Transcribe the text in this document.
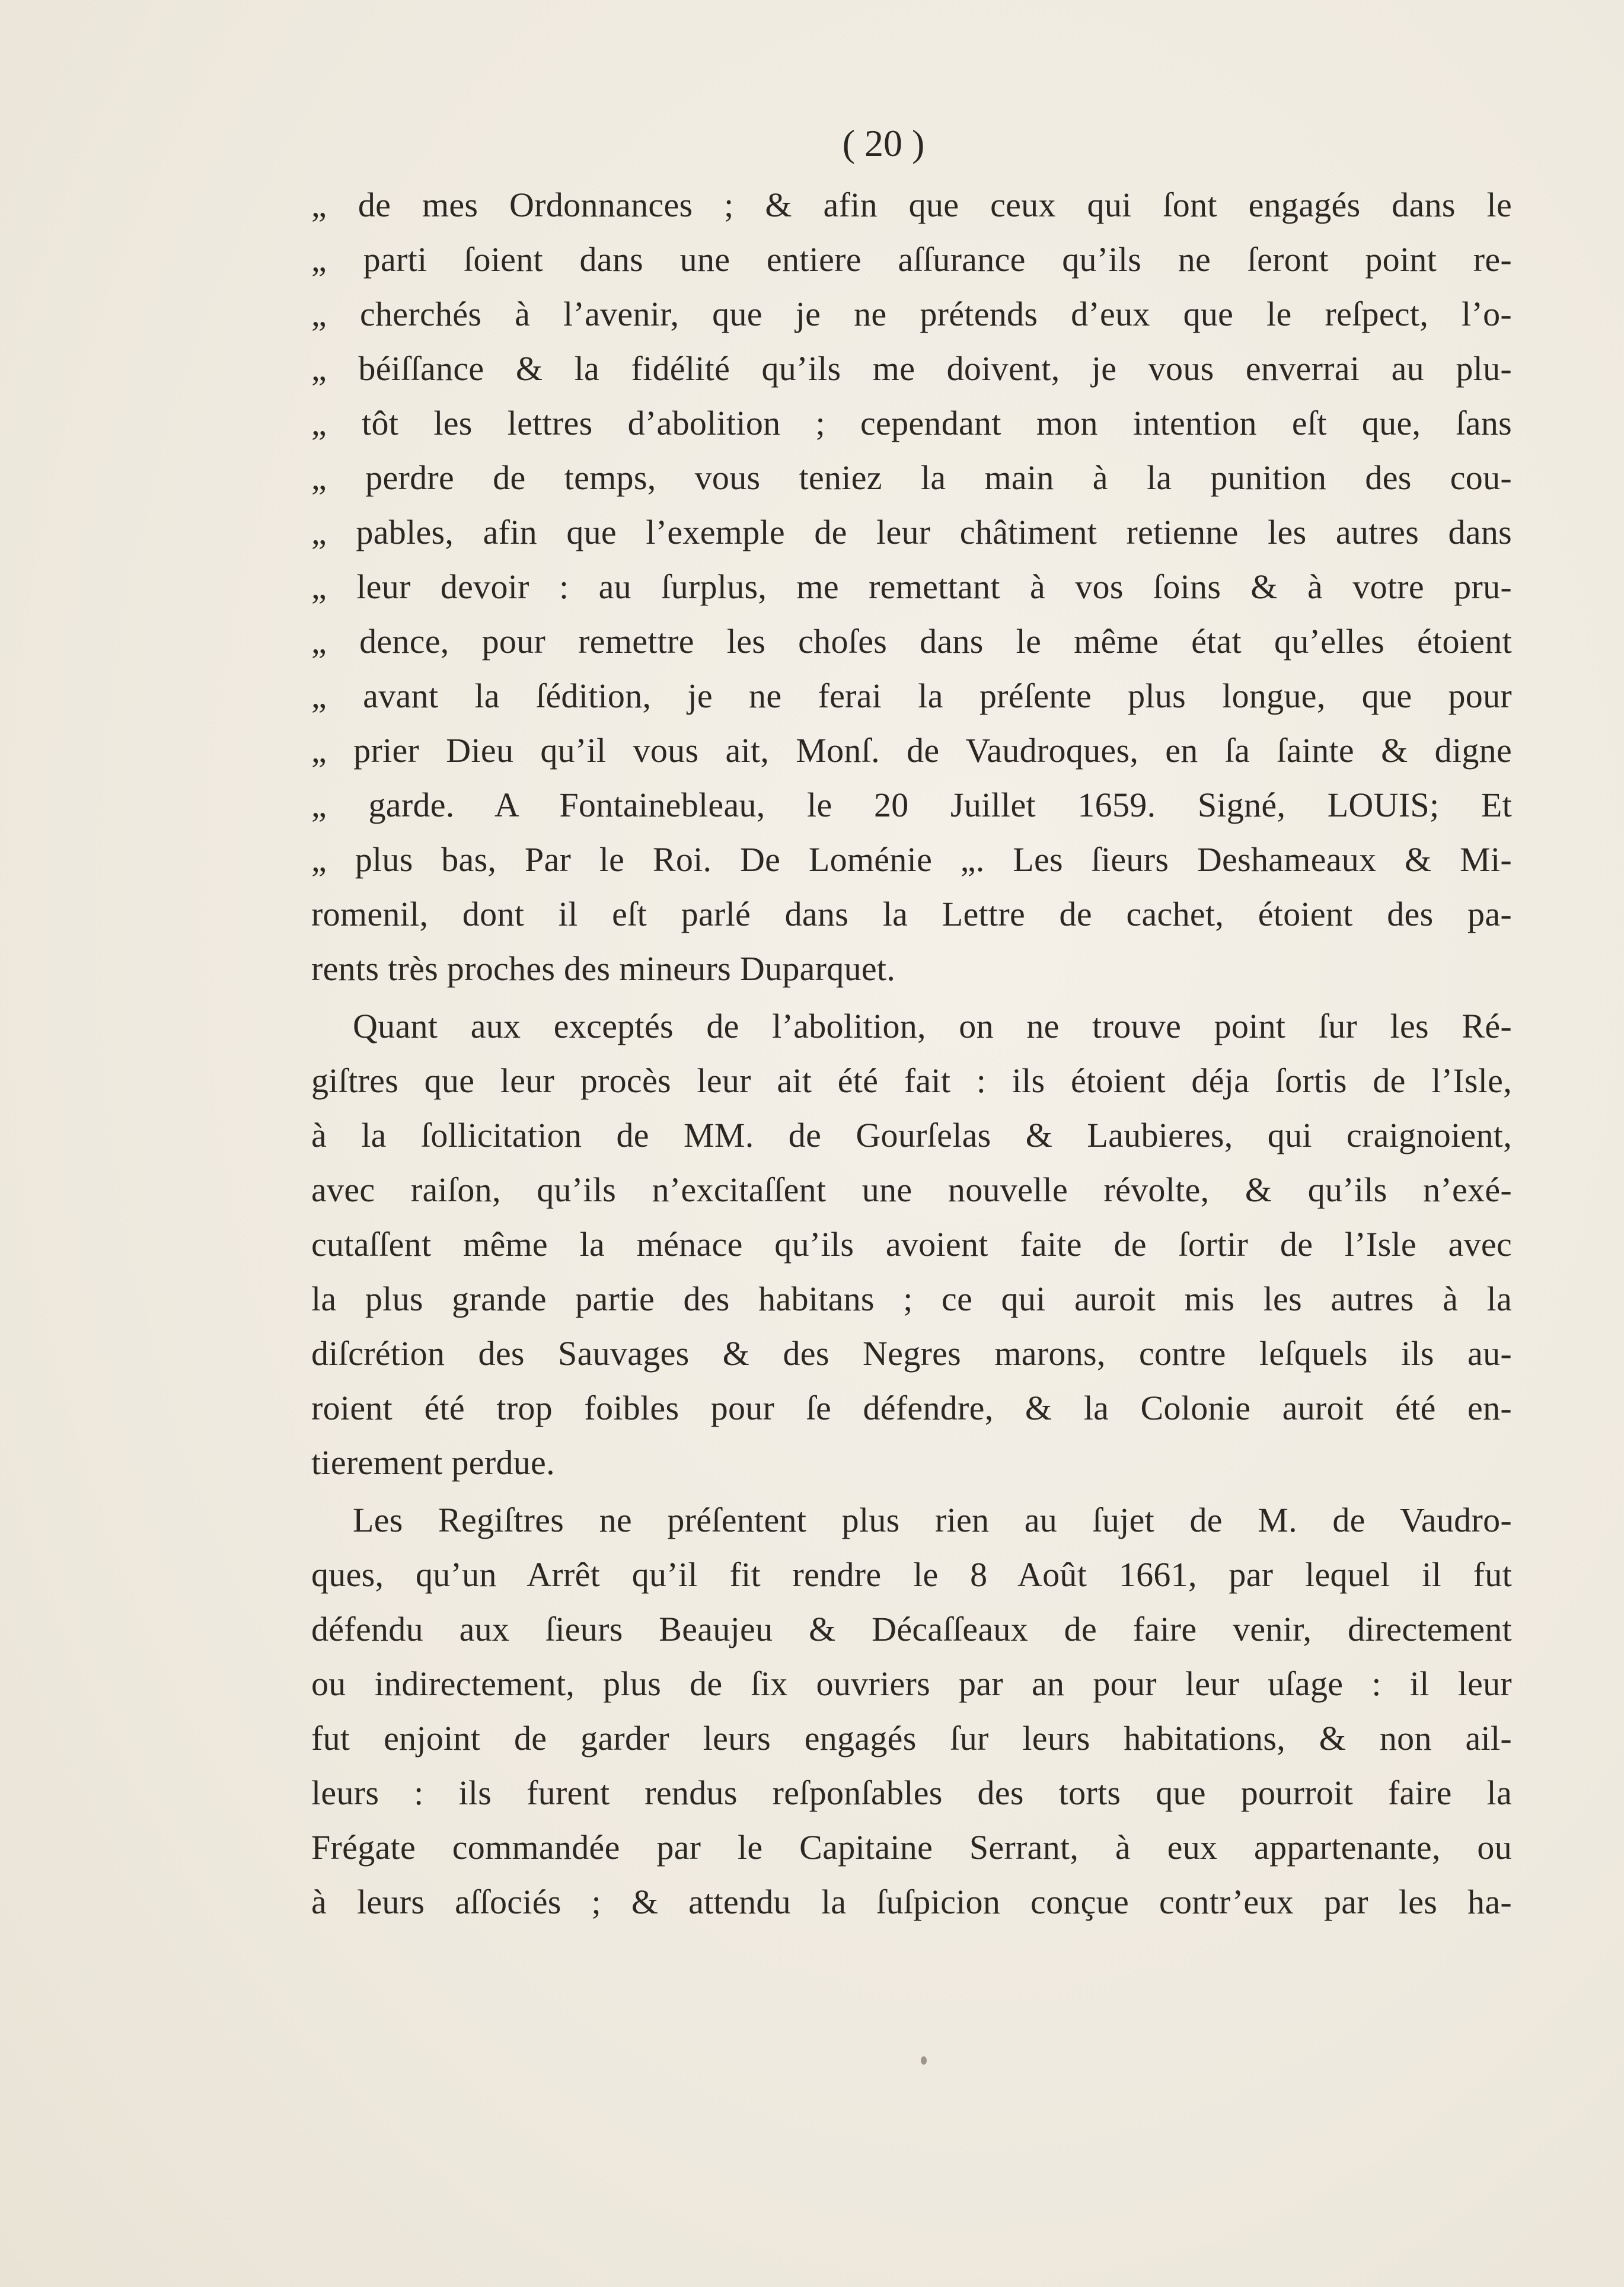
( 20 )
„ de mes Ordonnances ; & afin que ceux qui ſont engagés dans le
„ parti ſoient dans une entiere aſſurance qu’ils ne ſeront point re-
„ cherchés à l’avenir, que je ne prétends d’eux que le reſpect, l’o-
„ béiſſance & la fidélité qu’ils me doivent, je vous enverrai au plu-
„ tôt les lettres d’abolition ; cependant mon intention eſt que, ſans
„ perdre de temps, vous teniez la main à la punition des cou-
„ pables, afin que l’exemple de leur châtiment retienne les autres dans
„ leur devoir : au ſurplus, me remettant à vos ſoins & à votre pru-
„ dence, pour remettre les choſes dans le même état qu’elles étoient
„ avant la ſédition, je ne ferai la préſente plus longue, que pour
„ prier Dieu qu’il vous ait, Monſ. de Vaudroques, en ſa ſainte & digne
„ garde. A Fontainebleau, le 20 Juillet 1659. Signé, LOUIS; Et
„ plus bas, Par le Roi. De Loménie „. Les ſieurs Deshameaux & Mi-
romenil, dont il eſt parlé dans la Lettre de cachet, étoient des pa-
rents très proches des mineurs Duparquet.
Quant aux exceptés de l’abolition, on ne trouve point ſur les Ré-
giſtres que leur procès leur ait été fait : ils étoient déja ſortis de l’Isle,
à la ſollicitation de MM. de Gourſelas & Laubieres, qui craignoient,
avec raiſon, qu’ils n’excitaſſent une nouvelle révolte, & qu’ils n’exé-
cutaſſent même la ménace qu’ils avoient faite de ſortir de l’Isle avec
la plus grande partie des habitans ; ce qui auroit mis les autres à la
diſcrétion des Sauvages & des Negres marons, contre leſquels ils au-
roient été trop foibles pour ſe défendre, & la Colonie auroit été en-
tierement perdue.
Les Regiſtres ne préſentent plus rien au ſujet de M. de Vaudro-
ques, qu’un Arrêt qu’il fit rendre le 8 Août 1661, par lequel il fut
défendu aux ſieurs Beaujeu & Décaſſeaux de faire venir, directement
ou indirectement, plus de ſix ouvriers par an pour leur uſage : il leur
fut enjoint de garder leurs engagés ſur leurs habitations, & non ail-
leurs : ils furent rendus reſponſables des torts que pourroit faire la
Frégate commandée par le Capitaine Serrant, à eux appartenante, ou
à leurs aſſociés ; & attendu la ſuſpicion conçue contr’eux par les ha-
